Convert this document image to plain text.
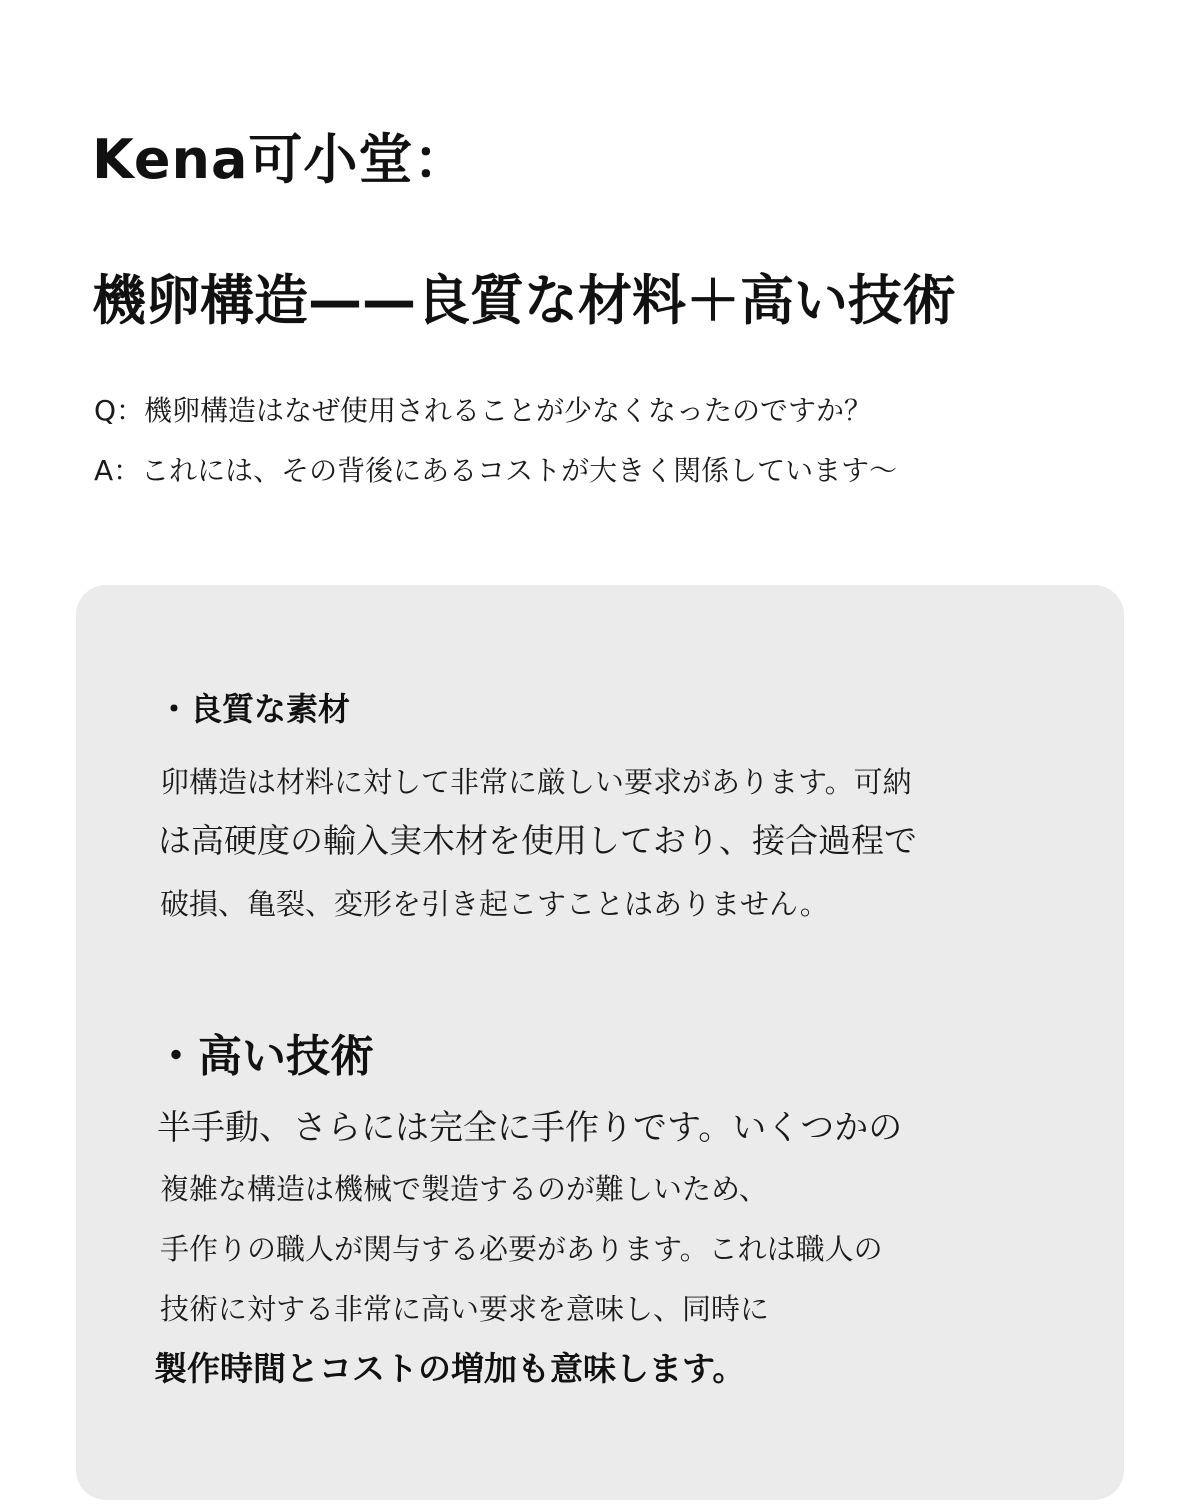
Kena可小堂：
機卵構造——良質な材料＋高い技術
Q：機卵構造はなぜ使用されることが少なくなったのですか？
A：これには、その背後にあるコストが大きく関係しています〜
・良質な素材
卯構造は材料に対して非常に厳しい要求があります。可納
は高硬度の輸入実木材を使用しており、接合過程で
破損、亀裂、変形を引き起こすことはありません。
・高い技術
半手動、さらには完全に手作りです。いくつかの
複雑な構造は機械で製造するのが難しいため、
手作りの職人が関与する必要があります。これは職人の
技術に対する非常に高い要求を意味し、同時に
製作時間とコストの増加も意味します。
